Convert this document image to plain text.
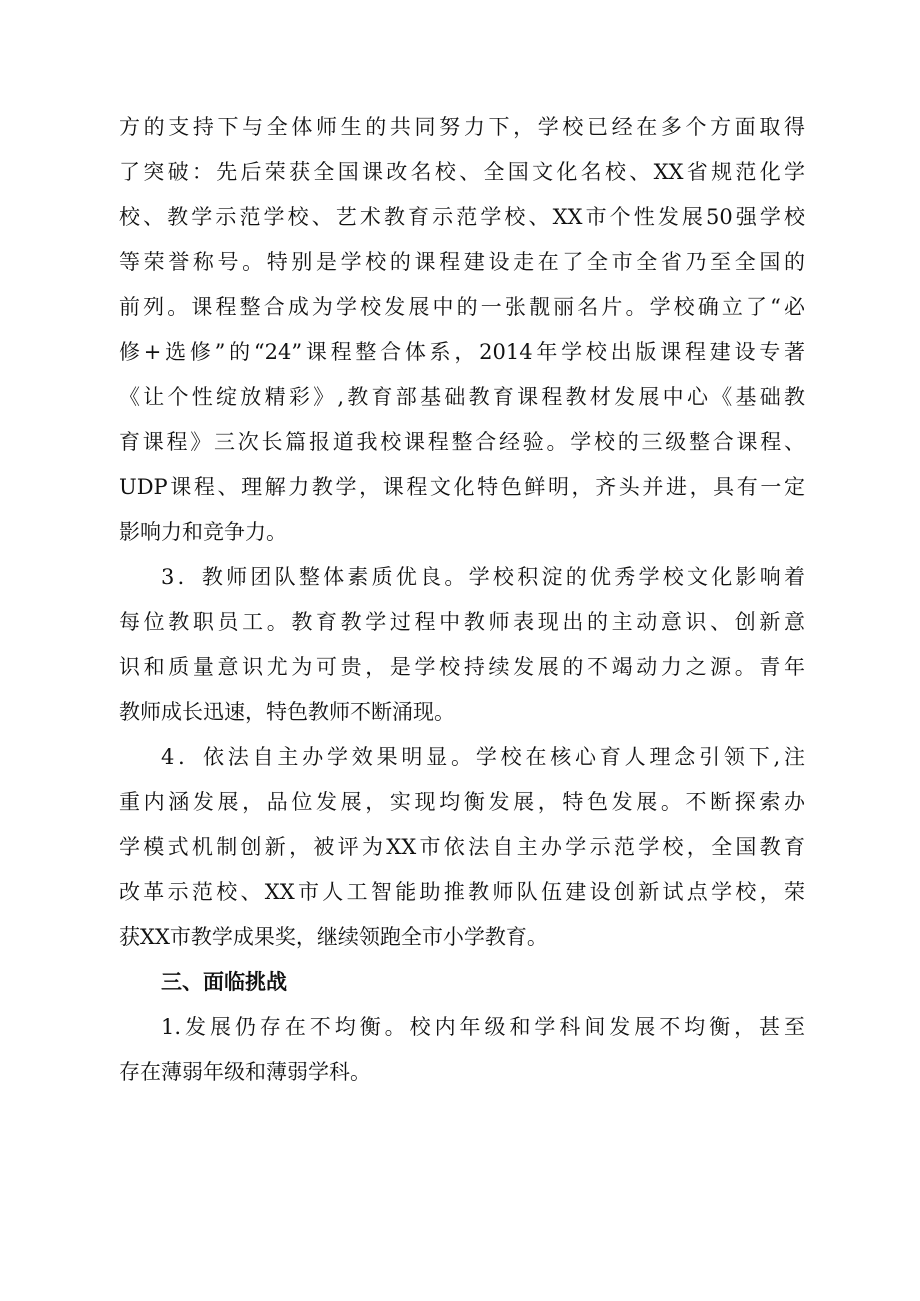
方的支持下与全体师生的共同努力下，学校已经在多个方面取得
了突破：先后荣获全国课改名校、全国文化名校、XX省规范化学
校、教学示范学校、艺术教育示范学校、XX市个性发展50强学校
等荣誉称号。特别是学校的课程建设走在了全市全省乃至全国的
前列。课程整合成为学校发展中的一张靓丽名片。学校确立了“必
修+选修”的“24”课程整合体系，2014年学校出版课程建设专著
《让个性绽放精彩》,教育部基础教育课程教材发展中心《基础教
育课程》三次长篇报道我校课程整合经验。学校的三级整合课程、
UDP课程、理解力教学，课程文化特色鲜明，齐头并进，具有一定
影响力和竞争力。
3．教师团队整体素质优良。学校积淀的优秀学校文化影响着
每位教职员工。教育教学过程中教师表现出的主动意识、创新意
识和质量意识尤为可贵，是学校持续发展的不竭动力之源。青年
教师成长迅速，特色教师不断涌现。
4．依法自主办学效果明显。学校在核心育人理念引领下,注
重内涵发展，品位发展，实现均衡发展，特色发展。不断探索办
学模式机制创新，被评为XX市依法自主办学示范学校，全国教育
改革示范校、XX市人工智能助推教师队伍建设创新试点学校，荣
获XX市教学成果奖，继续领跑全市小学教育。
三、面临挑战
1.发展仍存在不均衡。校内年级和学科间发展不均衡，甚至
存在薄弱年级和薄弱学科。
